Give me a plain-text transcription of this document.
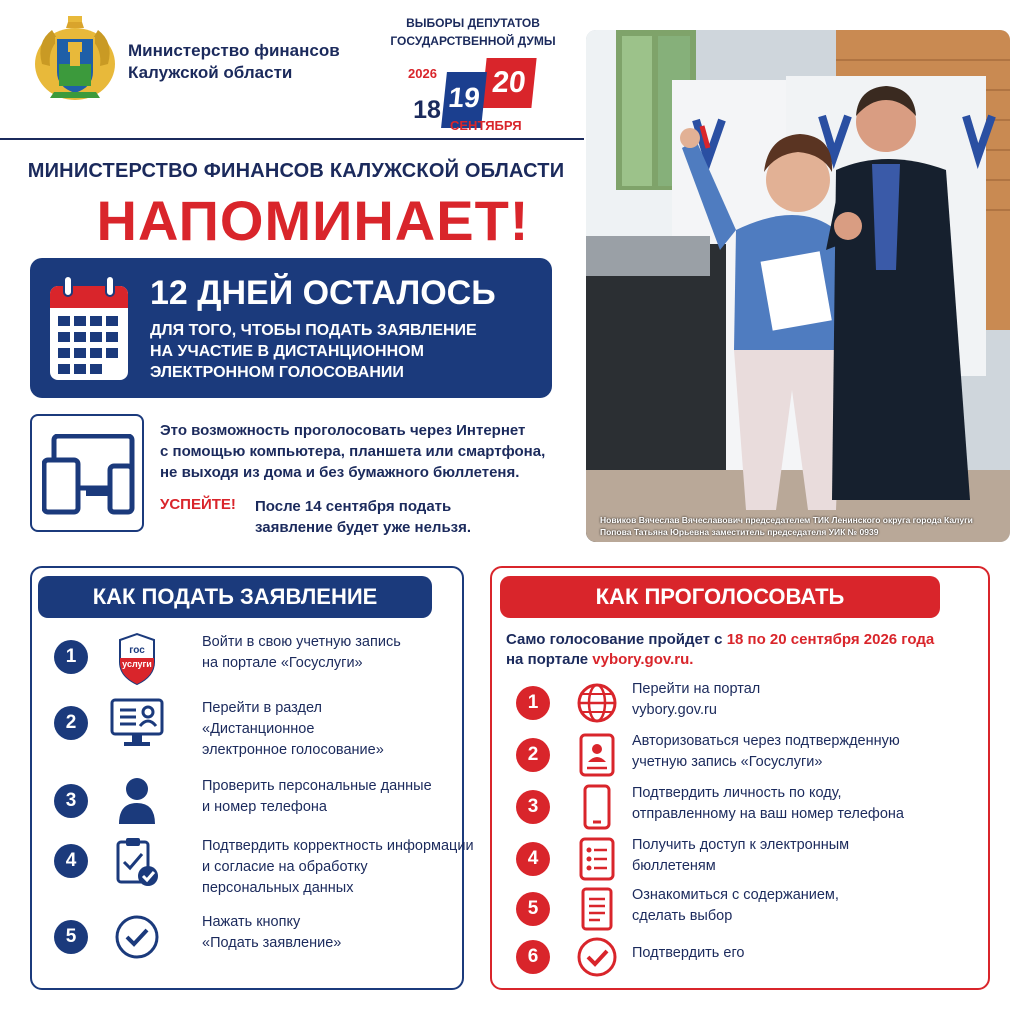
Министерство финансов
Калужской области
ВЫБОРЫ ДЕПУТАТОВ
ГОСУДАРСТВЕННОЙ ДУМЫ
2026	20
19
18
СЕНТЯБРЯ
МИНИСТЕРСТВО ФИНАНСОВ КАЛУЖСКОЙ ОБЛАСТИ
НАПОМИНАЕТ!
12 ДНЕЙ ОСТАЛОСЬ
ДЛЯ ТОГО, ЧТОБЫ ПОДАТЬ ЗАЯВЛЕНИЕ
НА УЧАСТИЕ В ДИСТАНЦИОННОМ
ЭЛЕКТРОННОМ ГОЛОСОВАНИИ
Это возможность проголосовать через Интернет
с помощью компьютера, планшета или смартфона,
не выходя из дома и без бумажного бюллетеня.
УСПЕЙТЕ! После 14 сентября подать
заявление будет уже нельзя.	Новиков Вячеслав Вячеславович председателем ТИК Ленинского округа города Калуги
Попова Татьяна Юрьевна заместитель председателя УИК № 0939
КАК ПОДАТЬ ЗАЯВЛЕНИЕ
1	гос
услуги
Войти в свою учетную запись
на портале «Госуслуги»
2
Перейти в раздел
«Дистанционное
электронное голосование»
3
Проверить персональные данные
и номер телефона
4
Подтвердить корректность информации
и согласие на обработку
персональных данных
5
Нажать кнопку
«Подать заявление»
КАК ПРОГОЛОСОВАТЬ
Само голосование пройдет с 18 по 20 сентября 2026 года
на портале vybory.gov.ru.
1
Перейти на портал
vybory.gov.ru
2
Авторизоваться через подтвержденную
учетную запись «Госуслуги»
3
Подтвердить личность по коду,
отправленному на ваш номер телефона
4
Получить доступ к электронным
бюллетеням
5
Ознакомиться с содержанием,
сделать выбор
6	Подтвердить его
